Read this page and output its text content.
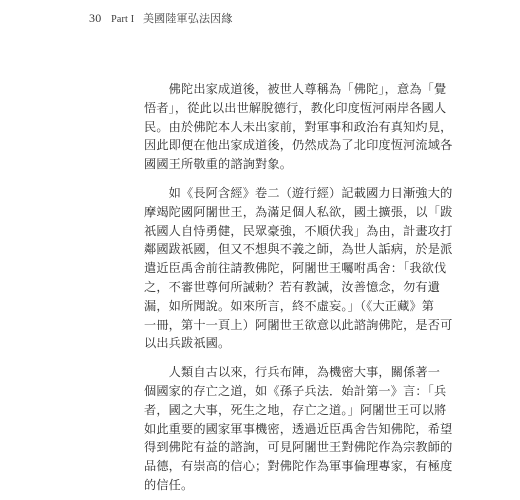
30 Part I 美國陸軍弘法因緣
　　佛陀出家成道後，被世人尊稱為「佛陀」，意為「覺
悟者」，從此以出世解脫德行，教化印度恆河兩岸各國人
民。由於佛陀本人未出家前，對軍事和政治有真知灼見，
因此即便在他出家成道後，仍然成為了北印度恆河流域各
國國王所敬重的諮詢對象。
　　如《長阿含經》卷二（遊行經）記載國力日漸強大的
摩竭陀國阿闍世王，為滿足個人私欲，國土擴張，以「跋
祇國人自恃勇健，民眾豪強，不順伏我」為由，計畫攻打
鄰國跋祇國，但又不想與不義之師，為世人詬病，於是派
遣近臣禹舍前往請教佛陀，阿闍世王囑咐禹舍：「我欲伐
之，不審世尊何所誡勅？若有教誡，汝善憶念，勿有遺
漏，如所聞說。如來所言，終不虛妄。」（《大正藏》第
一冊，第十一頁上）阿闍世王欲意以此諮詢佛陀，是否可
以出兵跋祇國。
　　人類自古以來，行兵布陣，為機密大事，關係著一
個國家的存亡之道，如《孫子兵法．始計第一》言：「兵
者，國之大事，死生之地，存亡之道。」阿闍世王可以將
如此重要的國家軍事機密，透過近臣禹舍告知佛陀，希望
得到佛陀有益的諮詢，可見阿闍世王對佛陀作為宗教師的
品德，有崇高的信心；對佛陀作為軍事倫理專家，有極度
的信任。
